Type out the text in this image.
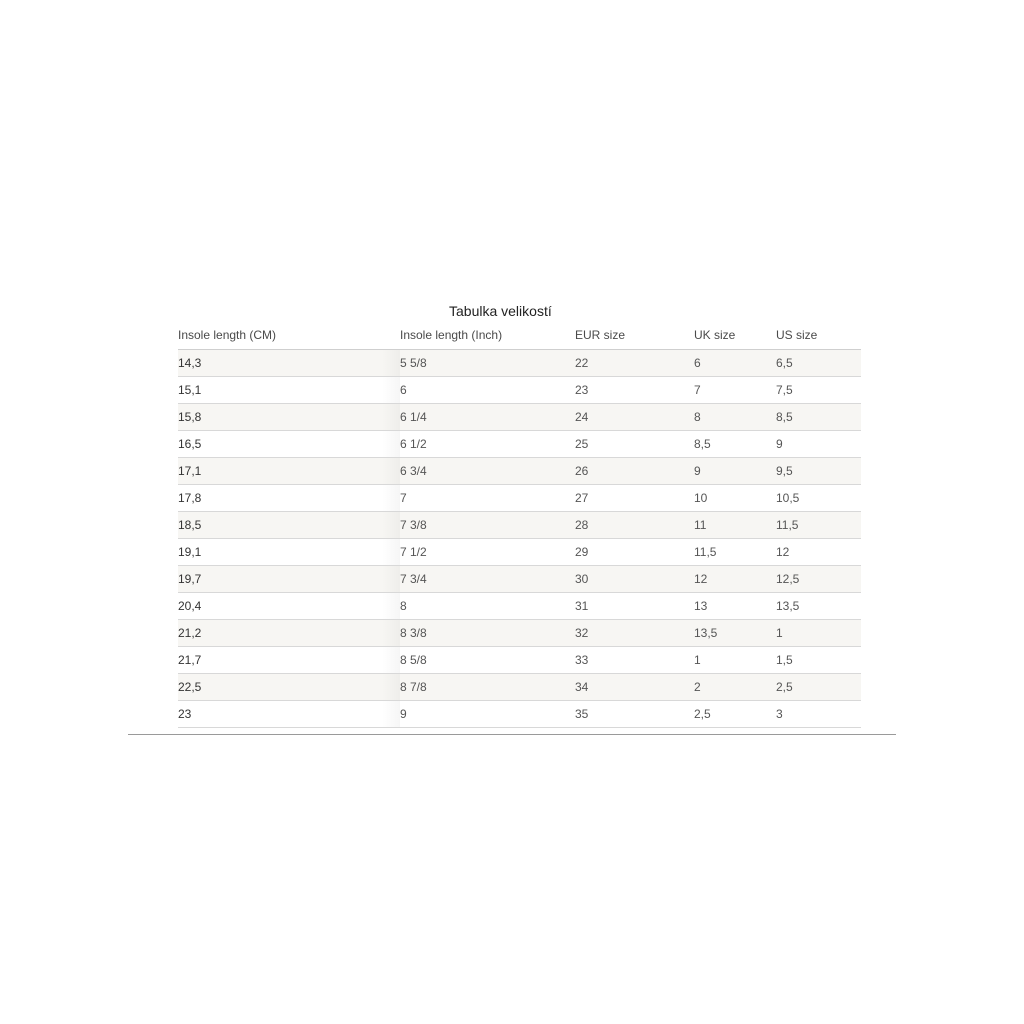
Tabulka velikostí
Insole length (CM)	Insole length (Inch)	EUR size	UK size	US size
14,3	5 5/8	22	6	6,5
15,1	6	23	7	7,5
15,8	6 1/4	24	8	8,5
16,5	6 1/2	25	8,5	9
17,1	6 3/4	26	9	9,5
17,8	7	27	10	10,5
18,5	7 3/8	28	11	11,5
19,1	7 1/2	29	11,5	12
19,7	7 3/4	30	12	12,5
20,4	8	31	13	13,5
21,2	8 3/8	32	13,5	1
21,7	8 5/8	33	1	1,5
22,5	8 7/8	34	2	2,5
23	9	35	2,5	3
